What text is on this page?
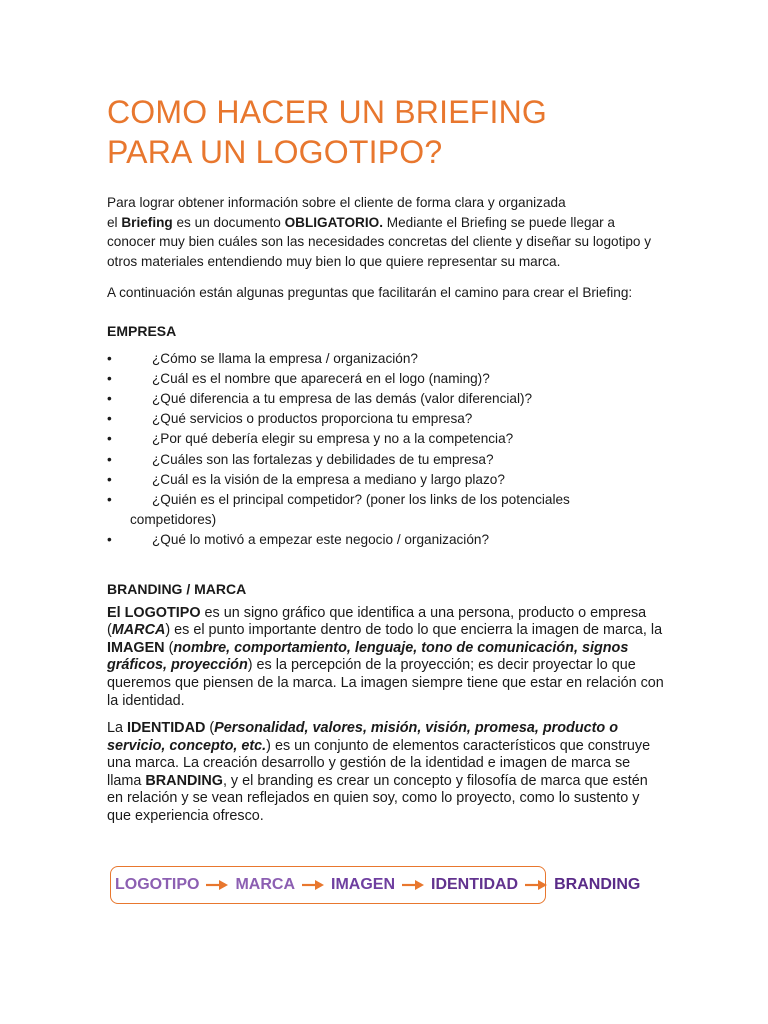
COMO HACER UN BRIEFING
PARA UN LOGOTIPO?

Para lograr obtener información sobre el cliente de forma clara y organizada
el Briefing es un documento OBLIGATORIO. Mediante el Briefing se puede llegar a conocer muy bien cuáles son las necesidades concretas del cliente y diseñar su logotipo y otros materiales entendiendo muy bien lo que quiere representar su marca.

A continuación están algunas preguntas que facilitarán el camino para crear el Briefing:

EMPRESA
•	¿Cómo se llama la empresa / organización?
•	¿Cuál es el nombre que aparecerá en el logo (naming)?
•	¿Qué diferencia a tu empresa de las demás (valor diferencial)?
•	¿Qué servicios o productos proporciona tu empresa?
•	¿Por qué debería elegir su empresa y no a la competencia?
•	¿Cuáles son las fortalezas y debilidades de tu empresa?
•	¿Cuál es la visión de la empresa a mediano y largo plazo?
•	¿Quién es el principal competidor? (poner los links de los potenciales
competidores)
•	¿Qué lo motivó a empezar este negocio / organización?
BRANDING / MARCA

El LOGOTIPO es un signo gráfico que identifica a una persona, producto o empresa (MARCA) es el punto importante dentro de todo lo que encierra la imagen de marca, la IMAGEN (nombre, comportamiento, lenguaje, tono de comunicación, signos gráficos, proyección) es la percepción de la proyección; es decir proyectar lo que queremos que piensen de la marca. La imagen siempre tiene que estar en relación con la identidad.

La IDENTIDAD (Personalidad, valores, misión, visión, promesa, producto o servicio, concepto, etc.) es un conjunto de elementos característicos que construye una marca. La creación desarrollo y gestión de la identidad e imagen de marca se llama BRANDING, y el branding es crear un concepto y filosofía de marca que estén en relación y se vean reflejados en quien soy, como lo proyecto, como lo sustento y que experiencia ofresco.

LOGOTIPO MARCA IMAGEN IDENTIDAD BRANDING
